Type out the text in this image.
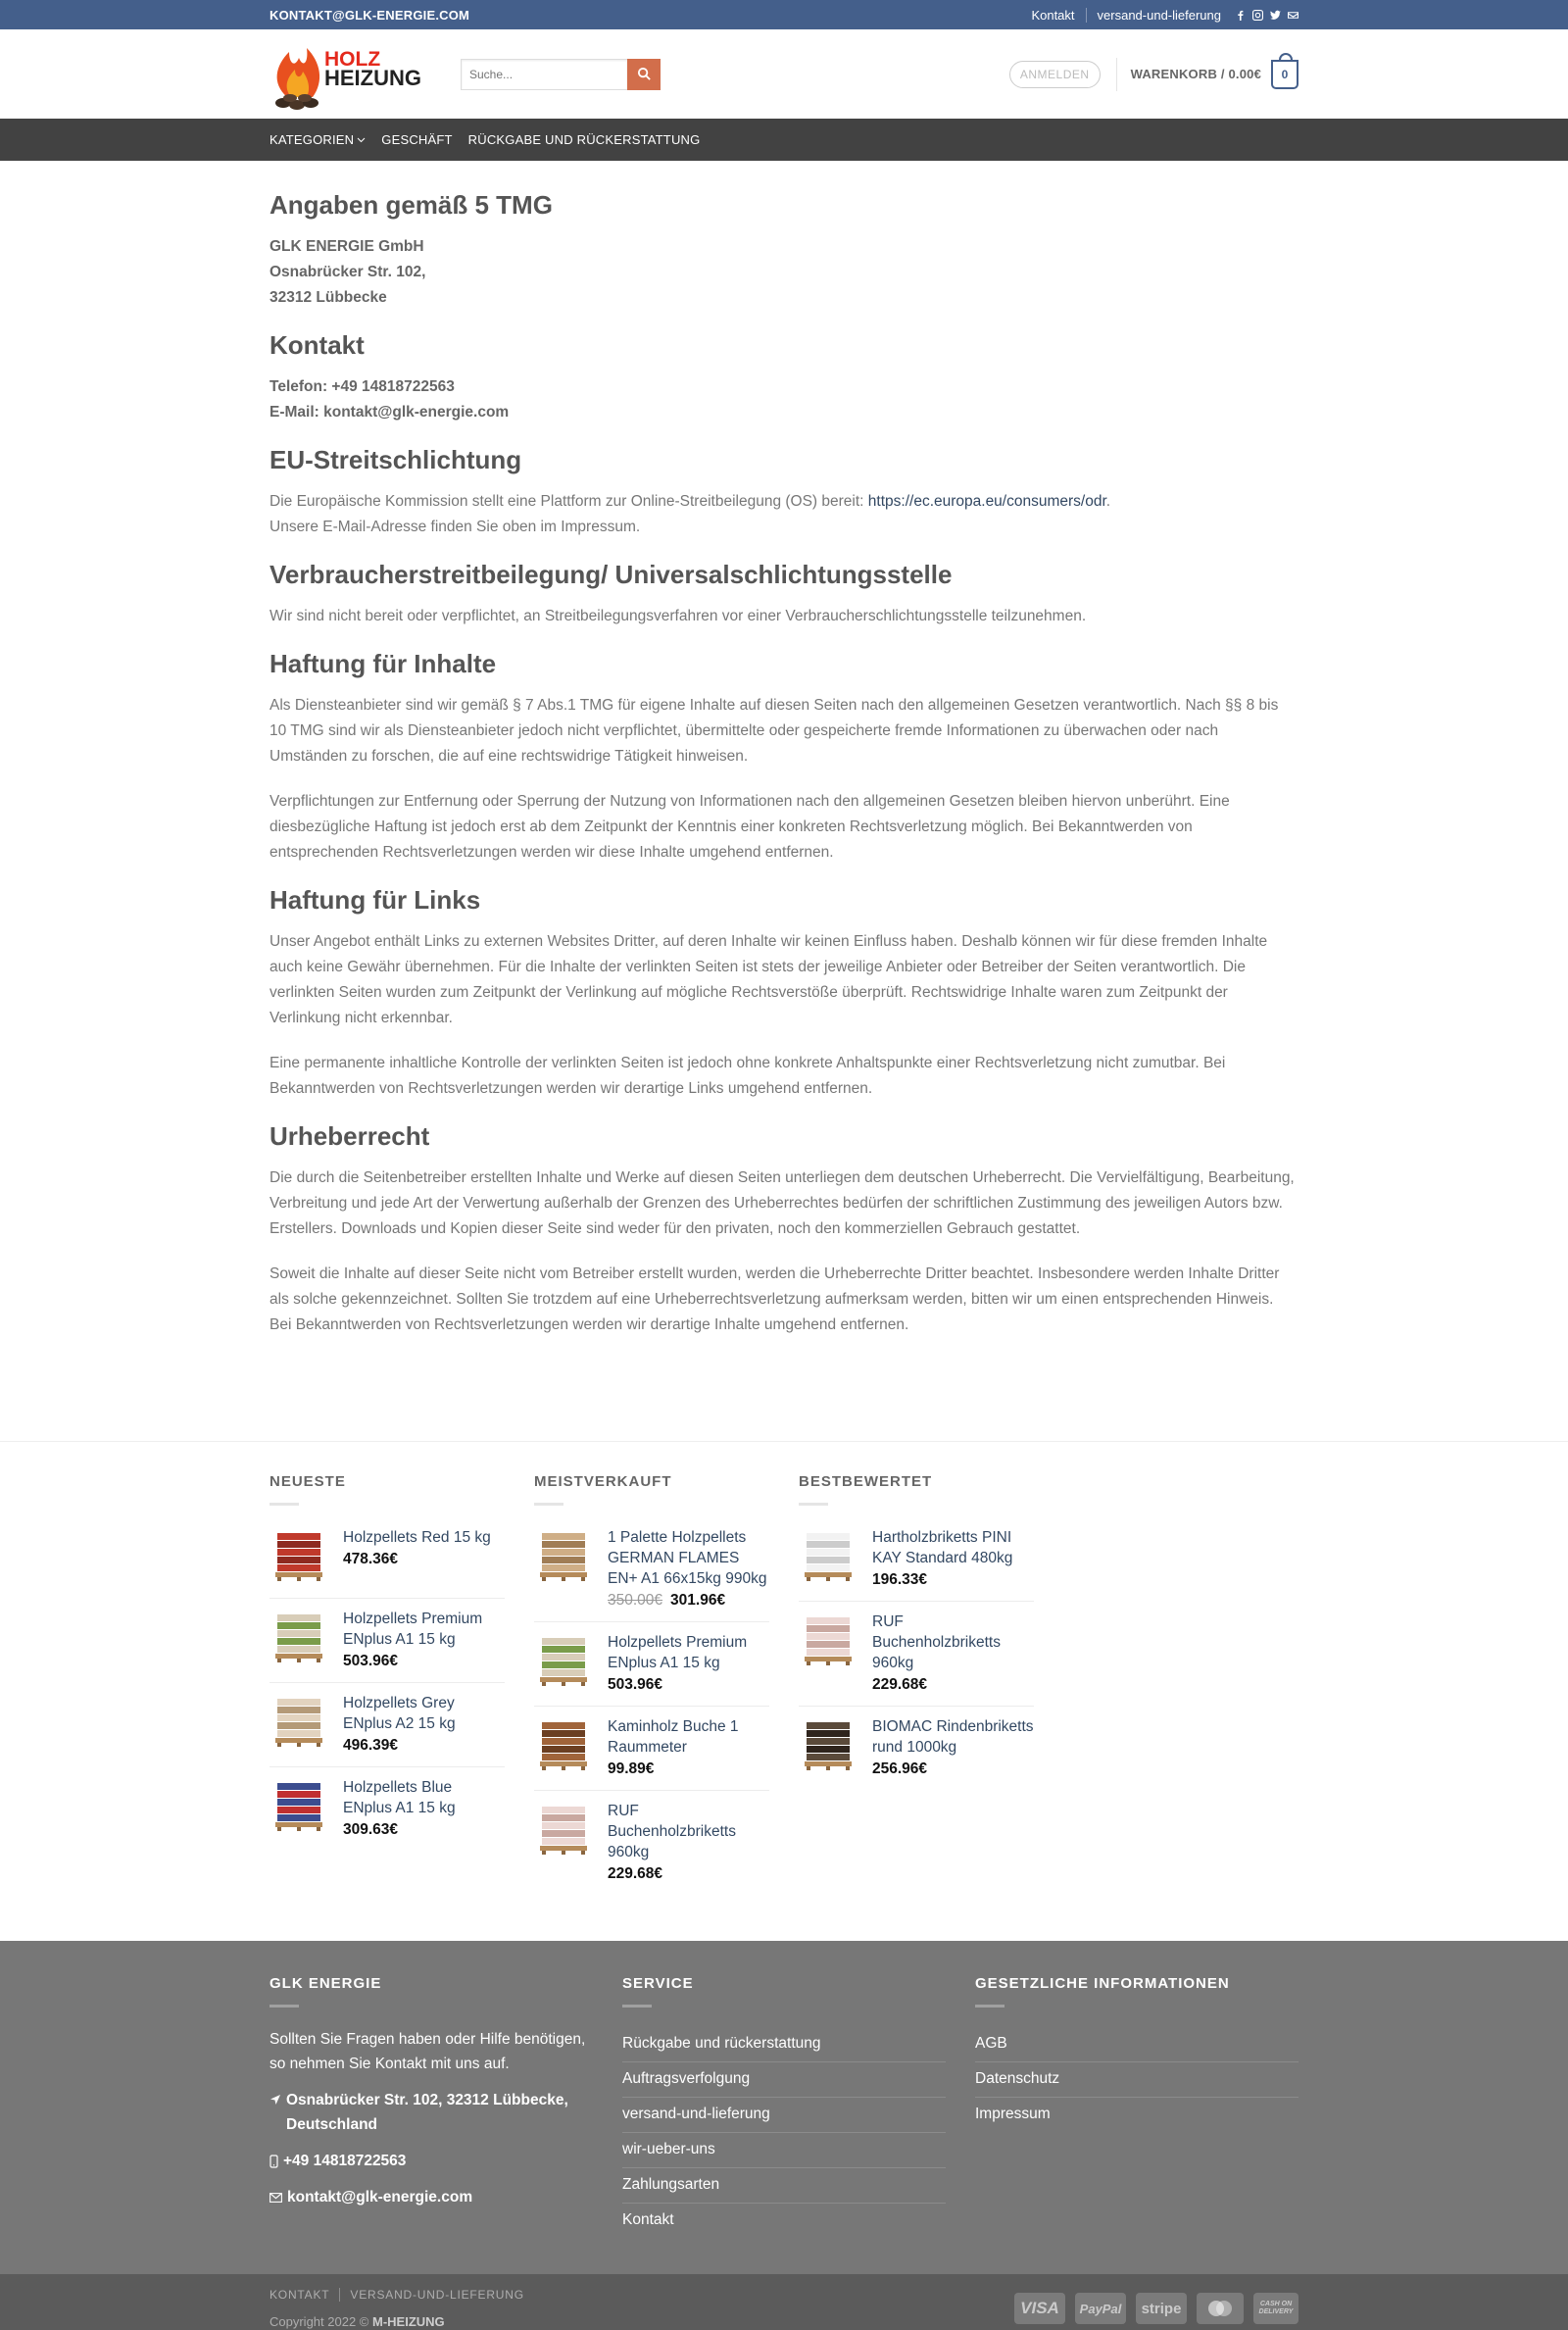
KONTAKT@GLK-ENERGIE.COM	Kontakt	versand-und-lieferung
HOLZ
HEIZUNG
Suche...	ANMELDEN	WARENKORB / 0.00€ 0
KATEGORIEN GESCHÄFT RÜCKGABE UND RÜCKERSTATTUNG
Angaben gemäß 5 TMG

GLK ENERGIE GmbH
Osnabrücker Str. 102,
32312 Lübbecke

Kontakt

Telefon: +49 14818722563
E-Mail: kontakt@glk-energie.com

EU-Streitschlichtung

Die Europäische Kommission stellt eine Plattform zur Online-Streitbeilegung (OS) bereit: https://ec.europa.eu/consumers/odr.
Unsere E-Mail-Adresse finden Sie oben im Impressum.

Verbraucherstreitbeilegung/ Universalschlichtungsstelle

Wir sind nicht bereit oder verpflichtet, an Streitbeilegungsverfahren vor einer Verbraucherschlichtungsstelle teilzunehmen.

Haftung für Inhalte

Als Diensteanbieter sind wir gemäß § 7 Abs.1 TMG für eigene Inhalte auf diesen Seiten nach den allgemeinen Gesetzen verantwortlich. Nach §§ 8 bis 10 TMG sind wir als Diensteanbieter jedoch nicht verpflichtet, übermittelte oder gespeicherte fremde Informationen zu überwachen oder nach Umständen zu forschen, die auf eine rechtswidrige Tätigkeit hinweisen.

Verpflichtungen zur Entfernung oder Sperrung der Nutzung von Informationen nach den allgemeinen Gesetzen bleiben hiervon unberührt. Eine diesbezügliche Haftung ist jedoch erst ab dem Zeitpunkt der Kenntnis einer konkreten Rechtsverletzung möglich. Bei Bekanntwerden von entsprechenden Rechtsverletzungen werden wir diese Inhalte umgehend entfernen.

Haftung für Links

Unser Angebot enthält Links zu externen Websites Dritter, auf deren Inhalte wir keinen Einfluss haben. Deshalb können wir für diese fremden Inhalte auch keine Gewähr übernehmen. Für die Inhalte der verlinkten Seiten ist stets der jeweilige Anbieter oder Betreiber der Seiten verantwortlich. Die verlinkten Seiten wurden zum Zeitpunkt der Verlinkung auf mögliche Rechtsverstöße überprüft. Rechtswidrige Inhalte waren zum Zeitpunkt der Verlinkung nicht erkennbar.

Eine permanente inhaltliche Kontrolle der verlinkten Seiten ist jedoch ohne konkrete Anhaltspunkte einer Rechtsverletzung nicht zumutbar. Bei Bekanntwerden von Rechtsverletzungen werden wir derartige Links umgehend entfernen.

Urheberrecht

Die durch die Seitenbetreiber erstellten Inhalte und Werke auf diesen Seiten unterliegen dem deutschen Urheberrecht. Die Vervielfältigung, Bearbeitung, Verbreitung und jede Art der Verwertung außerhalb der Grenzen des Urheberrechtes bedürfen der schriftlichen Zustimmung des jeweiligen Autors bzw. Erstellers. Downloads und Kopien dieser Seite sind weder für den privaten, noch den kommerziellen Gebrauch gestattet.

Soweit die Inhalte auf dieser Seite nicht vom Betreiber erstellt wurden, werden die Urheberrechte Dritter beachtet. Insbesondere werden Inhalte Dritter als solche gekennzeichnet. Sollten Sie trotzdem auf eine Urheberrechtsverletzung aufmerksam werden, bitten wir um einen entsprechenden Hinweis. Bei Bekanntwerden von Rechtsverletzungen werden wir derartige Inhalte umgehend entfernen.

NEUESTE
Holzpellets Red 15 kg
478.36€
Holzpellets Premium ENplus A1 15 kg
503.96€
Holzpellets Grey ENplus A2 15 kg
496.39€
Holzpellets Blue ENplus A1 15 kg
309.63€
MEISTVERKAUFT
1 Palette Holzpellets GERMAN FLAMES EN+ A1 66x15kg 990kg
350.00€ 301.96€
Holzpellets Premium ENplus A1 15 kg
503.96€
Kaminholz Buche 1 Raummeter
99.89€
RUF Buchenholzbriketts 960kg
229.68€
BESTBEWERTET
Hartholzbriketts PINI KAY Standard 480kg
196.33€
RUF Buchenholzbriketts 960kg
229.68€
BIOMAC Rindenbriketts rund 1000kg
256.96€
GLK ENERGIE

Sollten Sie Fragen haben oder Hilfe benötigen, so nehmen Sie Kontakt mit uns auf.

Osnabrücker Str. 102, 32312 Lübbecke, Deutschland

+49 14818722563

kontakt@glk-energie.com

SERVICE
Rückgabe und rückerstattung
Auftragsverfolgung
versand-und-lieferung
wir-ueber-uns
Zahlungsarten
Kontakt
GESETZLICHE INFORMATIONEN
AGB
Datenschutz
Impressum
KONTAKT	VERSAND-UND-LIEFERUNG
Copyright 2022 © M-HEIZUNG
VISA	PayPal	stripe	CASH ON
DELIVERY
